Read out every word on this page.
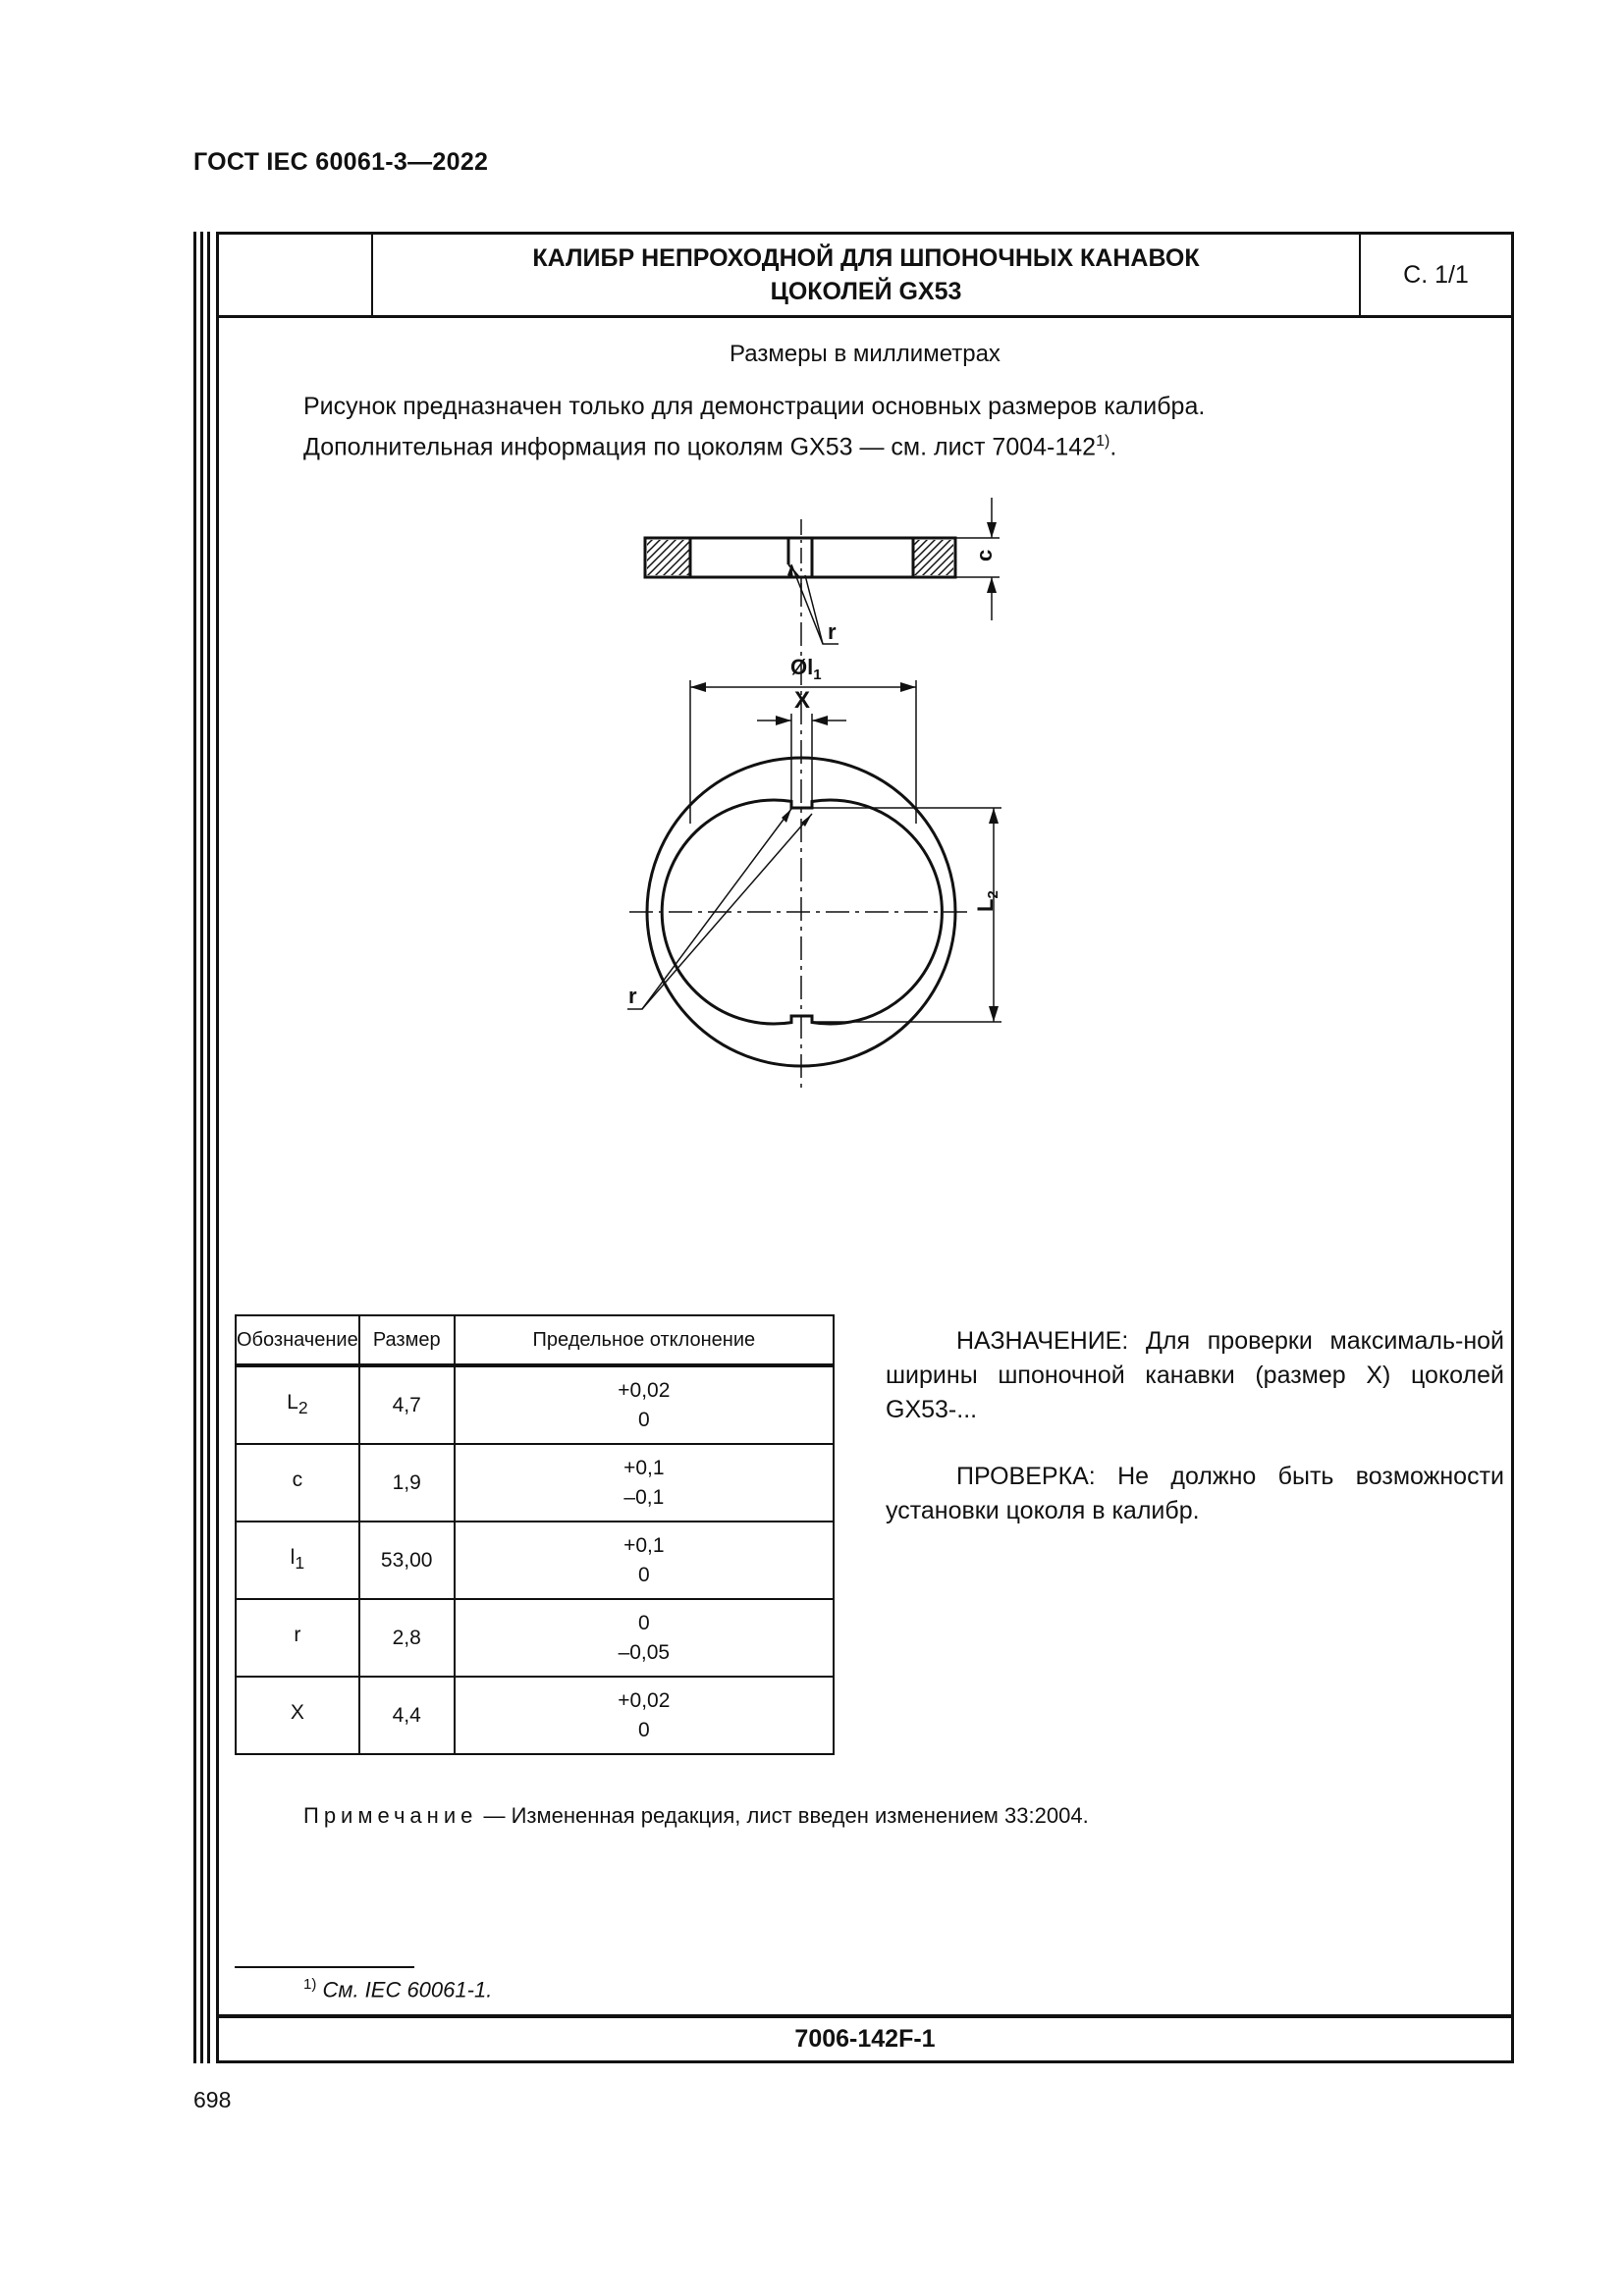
ГОСТ IEC 60061-3—2022
КАЛИБР НЕПРОХОДНОЙ ДЛЯ ШПОНОЧНЫХ КАНАВОК
ЦОКОЛЕЙ GX53
С. 1/1
Размеры в миллиметрах
Рисунок предназначен только для демонстрации основных размеров калибра.
Дополнительная информация по цоколям GX53 — см. лист 7004-142$^{1)}$.
c
r
$Øl_1$
X
$L_2$
r
Обозначение	Размер	Предельное отклонение
$L_2$	4,7	+0,02
0

c	1,9	+0,1
–0,1

$l_1$	53,00	+0,1
0

r	2,8	0
–0,05

X	4,4	+0,02
0

НАЗНАЧЕНИЕ: Для проверки максималь-ной ширины шпоночной канавки (размер X) цоколей GX53-...

ПРОВЕРКА: Не должно быть возможности установки цоколя в калибр.

Примечание — Измененная редакция, лист введен изменением 33:2004.
$^{1)}$ См. IEC 60061-1.
7006-142F-1
698
